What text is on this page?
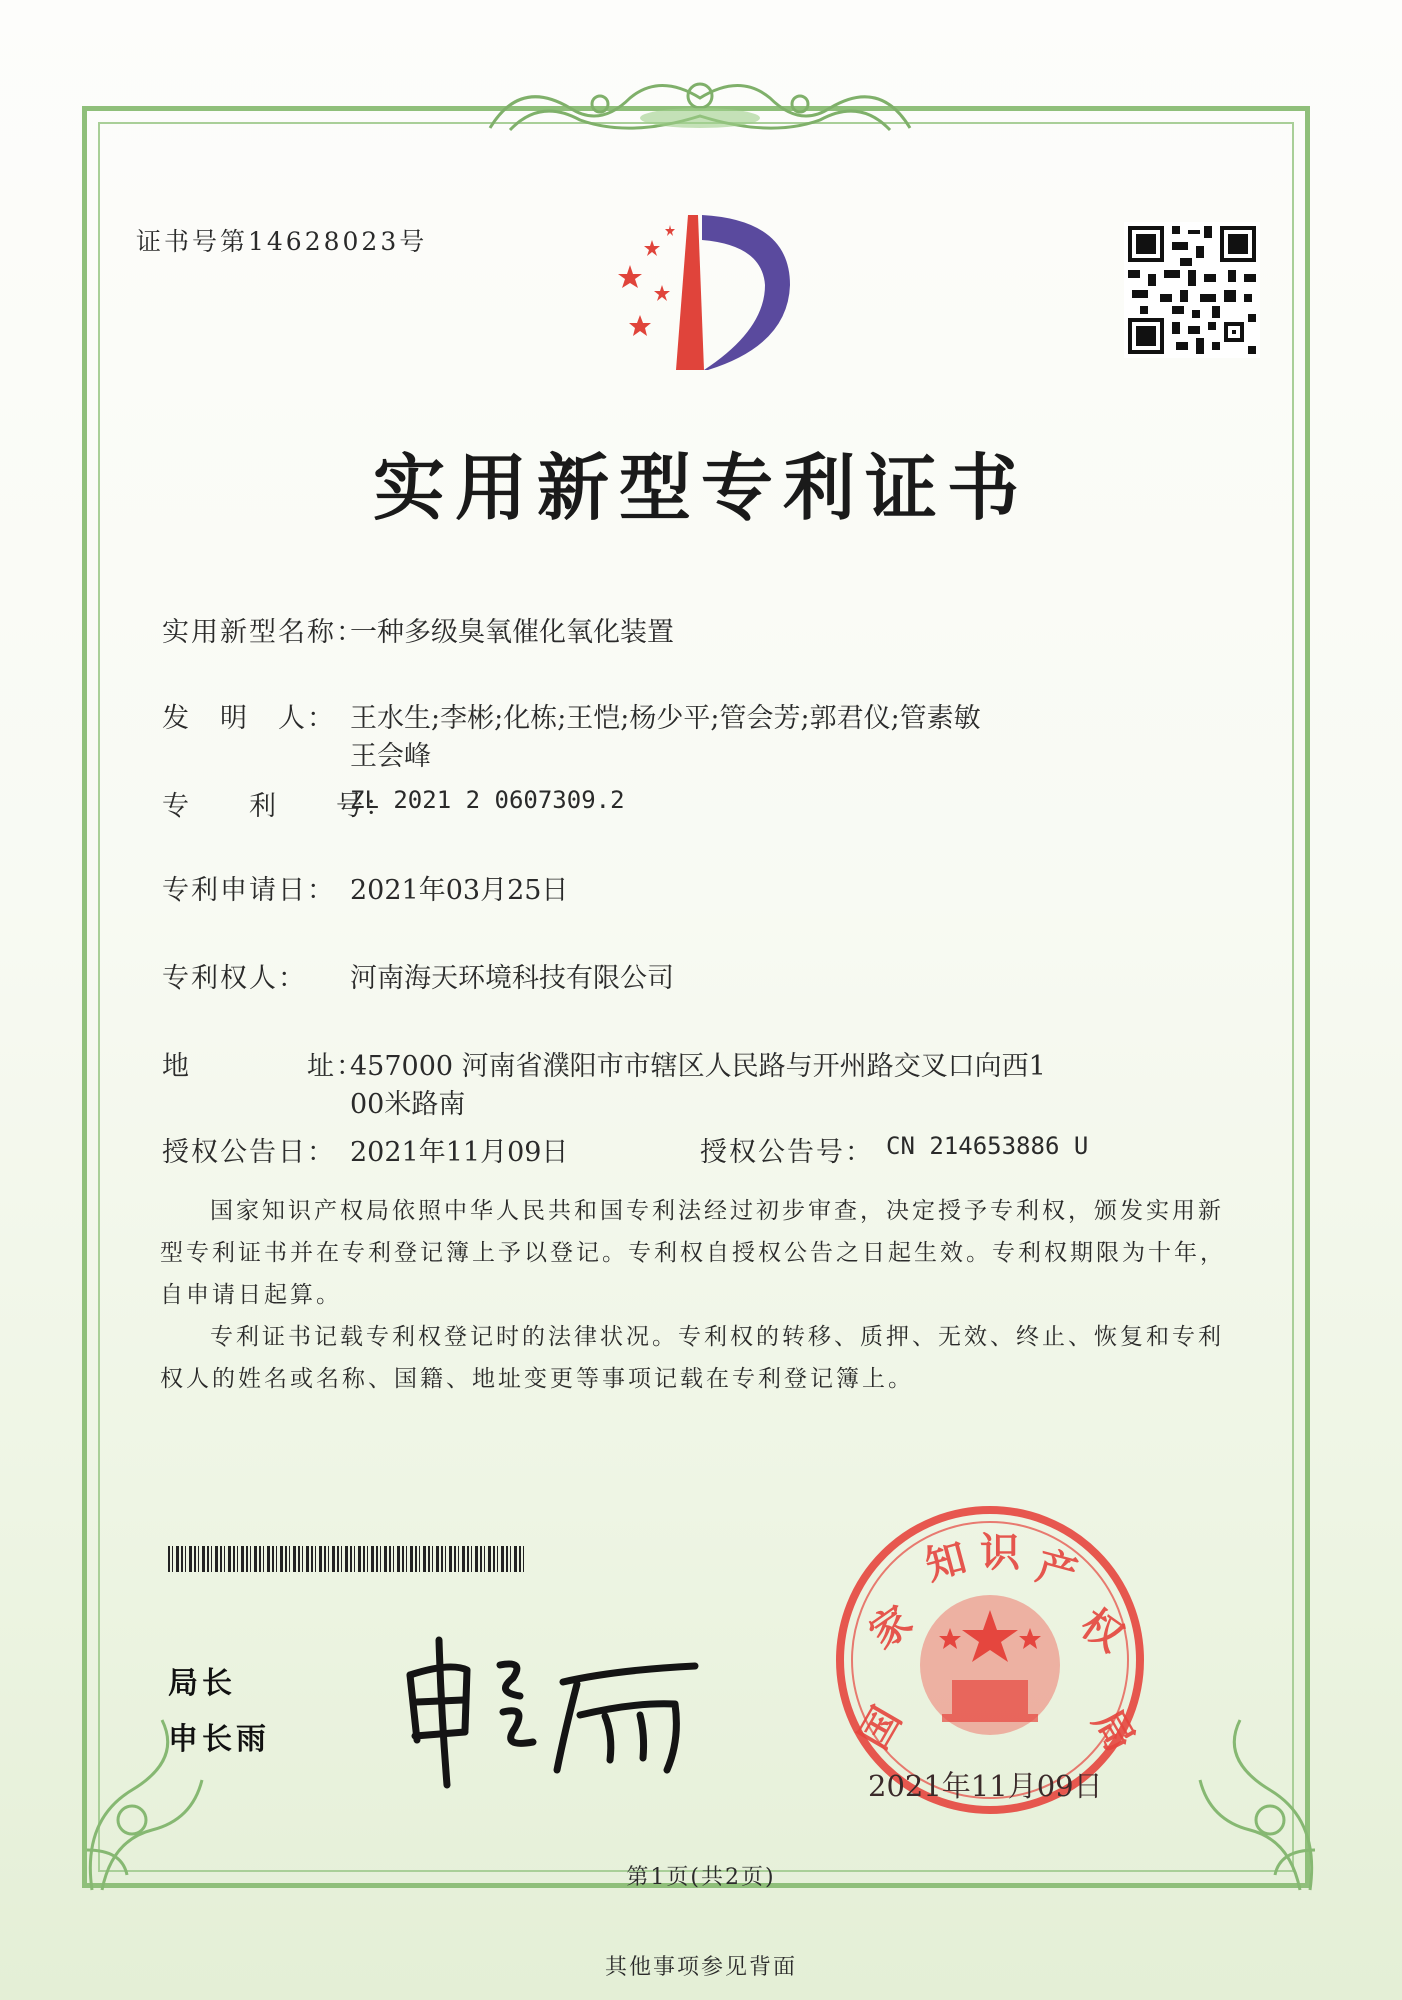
证书号第14628023号
实用新型专利证书
实用新型名称：
一种多级臭氧催化氧化装置
发　明　人： 王水生;李彬;化栋;王恺;杨少平;管会芳;郭君仪;管素敏
王会峰
专　　利　　号：
ZL 2021 2 0607309.2
专利申请日： 2021年03月25日
专利权人： 河南海天环境科技有限公司
地　　　　址：
457000 河南省濮阳市市辖区人民路与开州路交叉口向西1
00米路南
授权公告日： 2021年11月09日	授权公告号： CN 214653886 U
国家知识产权局依照中华人民共和国专利法经过初步审查，决定授予专利权，颁发实用新型专利证书并在专利登记簿上予以登记。专利权自授权公告之日起生效。专利权期限为十年，自申请日起算。
专利证书记载专利权登记时的法律状况。专利权的转移、质押、无效、终止、恢复和专利权人的姓名或名称、国籍、地址变更等事项记载在专利登记簿上。
局长
申长雨	国
家
知 识 产
权
局
2021年11月09日
第1页(共2页)
其他事项参见背面
